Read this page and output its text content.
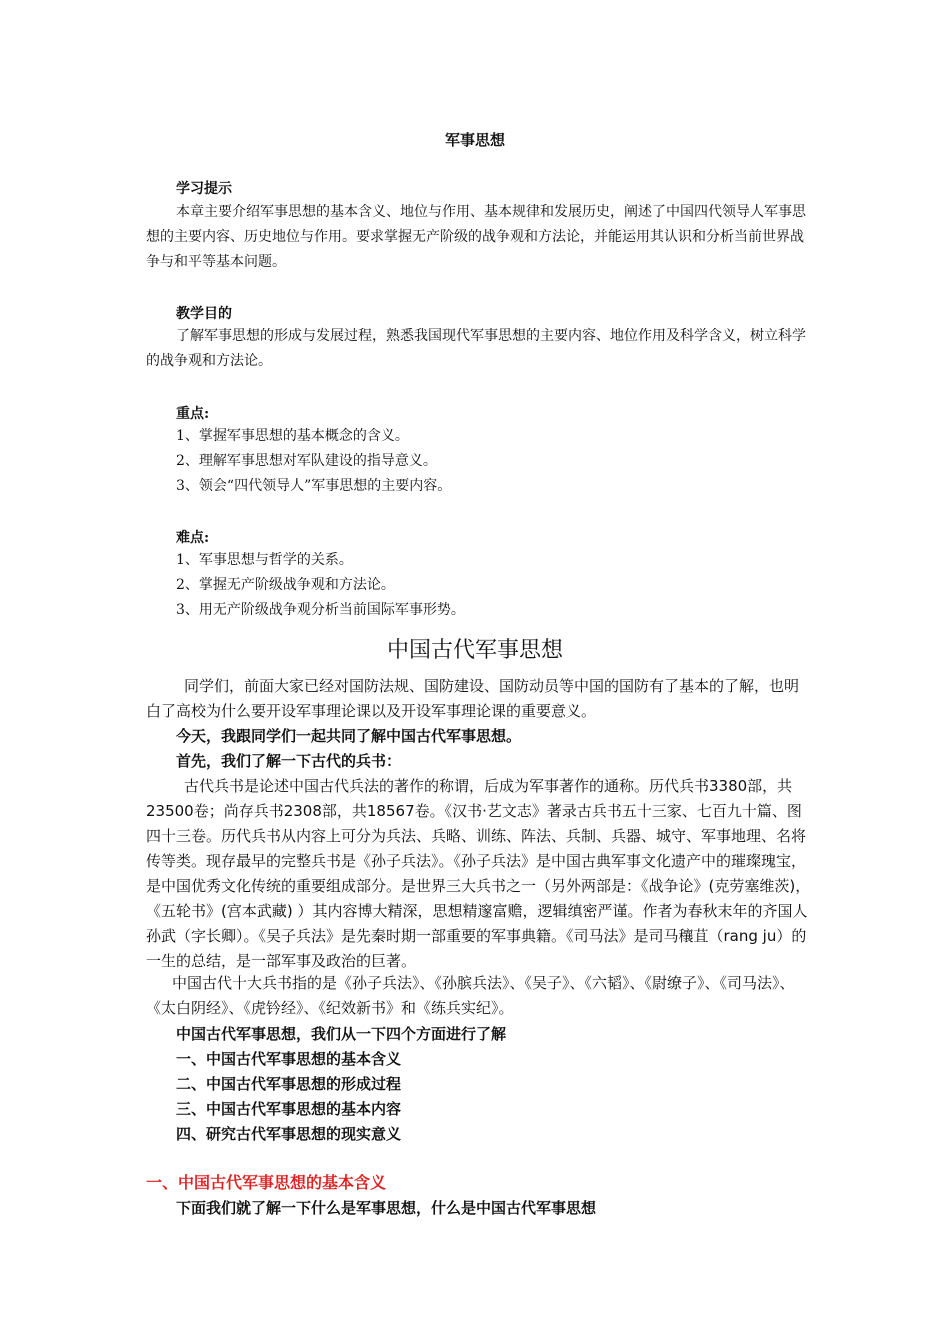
军事思想
学习提示
本章主要介绍军事思想的基本含义、地位与作用、基本规律和发展历史，阐述了中国四代领导人军事思想的主要内容、历史地位与作用。要求掌握无产阶级的战争观和方法论，并能运用其认识和分析当前世界战争与和平等基本问题。
教学目的
了解军事思想的形成与发展过程，熟悉我国现代军事思想的主要内容、地位作用及科学含义，树立科学的战争观和方法论。
重点:
1、掌握军事思想的基本概念的含义。
2、理解军事思想对军队建设的指导意义。
3、领会“四代领导人”军事思想的主要内容。
难点:
1、军事思想与哲学的关系。
2、掌握无产阶级战争观和方法论。
3、用无产阶级战争观分析当前国际军事形势。
中国古代军事思想
同学们，前面大家已经对国防法规、国防建设、国防动员等中国的国防有了基本的了解，也明白了高校为什么要开设军事理论课以及开设军事理论课的重要意义。
今天，我跟同学们一起共同了解中国古代军事思想。
首先，我们了解一下古代的兵书：
古代兵书是论述中国古代兵法的著作的称谓，后成为军事著作的通称。历代兵书3380部，共23500卷；尚存兵书2308部，共18567卷。《汉书·艺文志》著录古兵书五十三家、七百九十篇、图四十三卷。历代兵书从内容上可分为兵法、兵略、训练、阵法、兵制、兵器、城守、军事地理、名将传等类。现存最早的完整兵书是《孙子兵法》。《孙子兵法》是中国古典军事文化遗产中的璀璨瑰宝，是中国优秀文化传统的重要组成部分。是世界三大兵书之一（另外两部是：《战争论》(克劳塞维茨)，《五轮书》(宫本武藏) ）其内容博大精深，思想精邃富赡，逻辑缜密严谨。作者为春秋末年的齐国人孙武（字长卿）。《吴子兵法》是先秦时期一部重要的军事典籍。《司马法》是司马穰苴（rang ju）的一生的总结，是一部军事及政治的巨著。
中国古代十大兵书指的是《孙子兵法》、《孙膑兵法》、《吴子》、《六韬》、《尉缭子》、《司马法》、《太白阴经》、《虎钤经》、《纪效新书》和《练兵实纪》。
中国古代军事思想，我们从一下四个方面进行了解
一、中国古代军事思想的基本含义
二、中国古代军事思想的形成过程
三、中国古代军事思想的基本内容
四、研究古代军事思想的现实意义
一、中国古代军事思想的基本含义
下面我们就了解一下什么是军事思想，什么是中国古代军事思想
